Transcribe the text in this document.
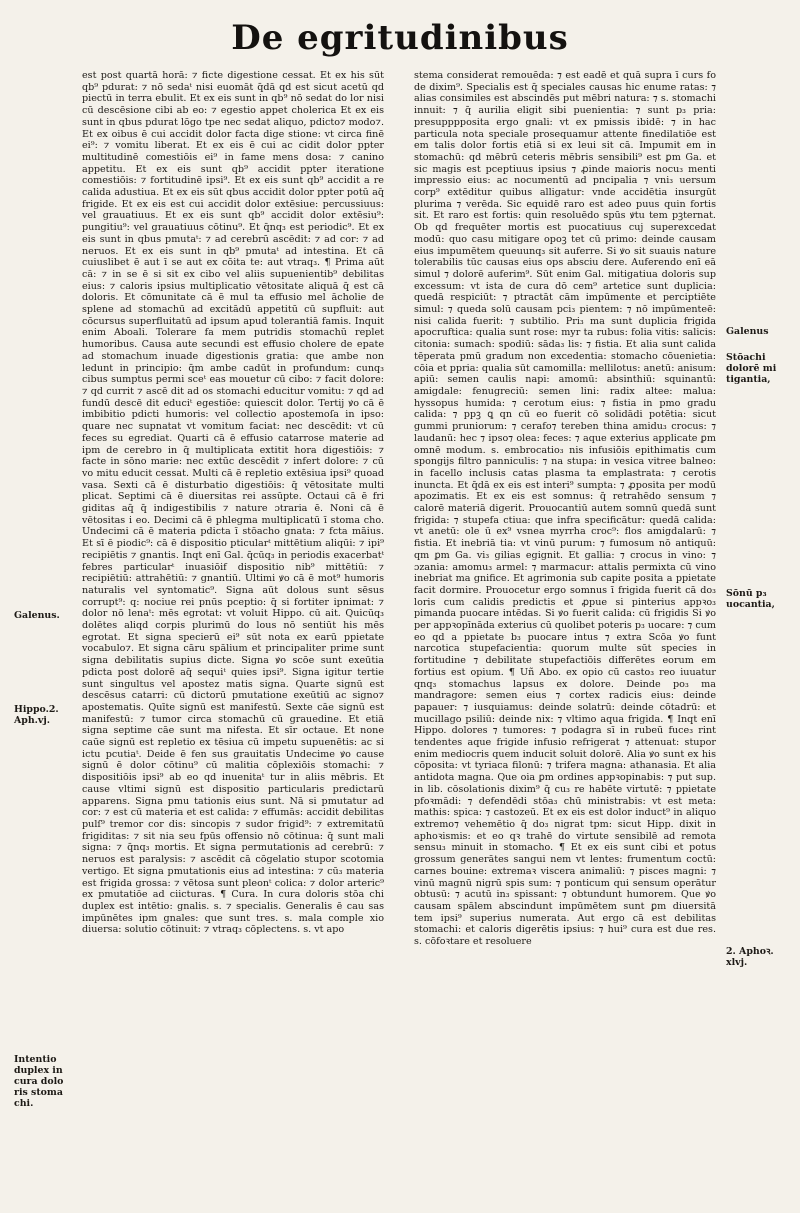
De egritudinibus

est post quartā horā: ⁊ ficte digestione cessat. Et ex his sūt qb⁹ pdurat: ⁊ nō sedaᵗ nisi euomāt q̄dā qd est sicut acetū qd piectū in terra ebulit. Et ex eis sunt in qb⁹ nō sedat do lor nisi cū descēsione cibi ab eo: ⁊ egestio appet cholerica Et ex eis sunt in qbus pdurat lōgo tpe nec sedat aliquo, pdicto⁊ modo⁊. Et ex oibus ē cui accidit dolor facta dige stione: vt circa finē ei⁹: ⁊ vomitu liberat. Et ex eis ē cui ac cidit dolor ppter multitudinē comestiōis ei⁹ in fame mens dosa: ⁊ canino appetitu. Et ex eis sunt qb⁹ accidit ppter iteratione comestiōis: ⁊ fortitudinē ipsi⁹. Et ex eis sunt qb⁹ accidit a re calida adustiua. Et ex eis sūt qbus accidit dolor ppter potū aq̄ frigide. Et ex eis est cui accidit dolor extēsiue: percussiuus: vel grauatiuus. Et ex eis sunt qb⁹ accidit dolor extēsiu⁹: pungitiu⁹: vel grauatiuus cōtinu⁹. Et q̄nq₃ est periodic⁹. Et ex eis sunt in qbus pmutaᵗ: ⁊ ad cerebrū ascēdit: ⁊ ad cor: ⁊ ad neruos. Et ex eis sunt in qb⁹ pmutaᵗ ad intestina. Et cā cuiuslibet ē aut ī se aut ex cōita te: aut vtraq₃. ¶ Prima aūt cā: ⁊ in se ē si sit ex cibo vel aliis supuenientib⁹ debilitas eius: ⁊ caloris ipsius multiplicatio vētositate aliquā q̄ est cā doloris. Et cōmunitate cā ē mul ta effusio mel ācholie de splene ad stomachū ad excitādū appetitū cū supfluit: aut cōcursus superfluitatū ad ipsum apud tolerantiā famis. Inquit enim Aboali. Tolerare fa mem putridis stomachū replet humoribus. Causa aute secundi est effusio cholere de epate ad stomachum inuade digestionis gratia: que ambe non ledunt in principio: q̄m ambe cadūt in profundum: cunq₃ cibus sumptus permi sceᵗ eas mouetur cū cibo: ⁊ facit dolore: ⁊ qd currit ⁊ ascē dit ad os stomachi educitur vomitu: ⁊ qd ad fundū descē dit educiᵗ egestiōe: quiescit dolor. Tertij ꝟo cā ē imbibitio pdicti humoris: vel collectio apostemoſa in ipso: quare nec supnatat vt vomitum faciat: nec descēdit: vt cū feces su egrediat. Quarti cā ē effusio catarrose materie ad ipm de cerebro in q̄ multiplicata extitit hora digestiōis: ⁊ facte in sōno marie: nec extūc descēdit ⁊ infert dolore: ⁊ cū vo mitu educit cessat. Multi cā ē repletio extēsiua ipsi⁹ quoad vasa. Sexti cā ē disturbatio digestiōis: q̄ vētositate multi plicat. Septimi cā ē diuersitas rei assūpte. Octaui cā ē fri giditas aq̄ q̄ indigestibilis ⁊ nature ɔtraria ē. Noni cā ē vētositas i eo. Decimi cā ē phlegma multiplicatū ī stoma cho. Undecimi cā ē materia pdicta ī stōacho gnata: ⁊ fcta māius. Et sī ē piodic⁹: cā ē dispositio pticularᵗ mittētium aliqūi: ⁊ ipi⁹ recipiētis ⁊ gnantis. Inqt enī Gal. q̄cūq₃ in periodis exacerbatᵗ febres particularᵗ inuasiōif dispositio nib⁹ mittētiū: ⁊ recipiētiū: attrahētiū: ⁊ gnantiū. Ultimi ꝟo cā ē mot⁹ humoris naturalis vel syntomatic⁹. Signa aūt dolous sunt sēsus corrupt⁹: q: nociue rei pnūs pceptio: q̄ si fortiter ipnimat: ⁊ dolor nō lenaᵗ: mēs egrotat: vt voluit Hippo. cū ait. Quicūq₃ dolētes aliqd corpis plurimū do lous nō sentiūt his mēs egrotat. Et signa specierū ei⁹ sūt nota ex earū ppietate vocabulo⁊. Et signa cāru spālium et principaliter prime sunt signa debilitatis supius dicte. Signa ꝟo scōe sunt exeūtia pdicta post dolorē aq̄ sequiᵗ quies ipsi⁹. Signa igitur tertie sunt singultus vel apostez matis signa. Quarte signū est descēsus catarri: cū dictorū pmutatione exeūtiū ac signo⁊ apostematis. Quīte signū est manifestū. Sexte cāe signū est manifestū: ⁊ tumor circa stomachū cū grauedine. Et etiā signa septime cāe sunt ma nifesta. Et sīr octaue. Et none caūe signū est repletio ex tēsiua cū impetu supuenētis: ac si ictu pcutiaᵗ. Deide ē fen sus grauitatis Undecime ꝟo cause signū ē dolor cōtinu⁹ cū malitia cōplexiōis stomachi: ⁊ dispositiōis ipsi⁹ ab eo qd inuenitaᵗ tur in aliis mēbris. Et cause vltimi signū est dispositio particularis predictarū apparens. Signa pmu tationis eius sunt. Nā si pmutatur ad cor: ⁊ est cū materia et est calida: ⁊ effumās: accidit debilitas pulſ⁹ tremor cor dis: sincopis ⁊ sudor frigid⁹: ⁊ extremitatū frigiditas: ⁊ sit nia seu fpūs offensio nō cōtinua: q̄ sunt mali signa: ⁊ q̄nq₃ mortis. Et signa permutationis ad cerebrū: ⁊ neruos est paralysis: ⁊ ascēdit cā cōgelatio stupor scotomia vertigo. Et signa pmutationis eius ad intestina: ⁊ cū₃ materia est frigida grossa: ⁊ vētosa sunt pleonᵗ colica: ⁊ dolor arteric⁹ ex pmutatiōe ad ciicturas. ¶ Cura. In cura doloris stōa chi duplex est intētio: gnalis. s. ⁊ specialis. Generalis ē cau sas impūnētes ipm gnales: que sunt tres. s. mala comple xio diuersa: solutio cōtinuit: ⁊ vtraq₃ cōplectens. s. vt apo

stema considerat remouēda: ⁊ est eadē et quā supra ī curs fo de dixim⁹. Specialis est q̄ speciales causas hic enume ratas: ⁊ alias consimiles est abscindēs put mēbri natura: ⁊ s. stomachi innuit: ⁊ q̄ aurilia eligit sibi puenientia: ⁊ sunt p₃ pria: presupppposita ergo gnali: vt ex pmissis ibidē: ⁊ in hac particula nota speciale prosequamur attente finedilatiōe est em talis dolor fortis etiā si ex leui sit cā. Impumit em in stomachū: qd mēbrū ceteris mēbris sensibili⁹ est ꝑm Ga. et sic magis est pceptiuus ipsius ⁊ ꝓinde maioris nocu₃ menti impressio eius: ac nocumentū ad pncipalia ⁊ vni₃ uersum corp⁹ extēditur quibus alligatur: vnde accidētia insurgūt plurima ⁊ verēda. Sic equidē raro est adeo puus quin fortis sit. Et raro est fortis: quin resoluēdo spūs ꝟtu tem pꝫternat. Ob qd frequēter mortis est puocatiuus cuj superexcedat modū: quo casu mitigare opoꝫ tet cū primo: deinde causam eius impumētem queuunq₃ sit auferre. Si ꝟo sit suauis nature tolerabilis tūc causas eius ops absciu dere. Auferendo enī eā simul ⁊ dolorē auferim⁹. Sūt enim Gal. mitigatiua doloris sup excessum: vt ista de cura dō cem⁹ artetice sunt duplicia: quedā respiciūt: ⁊ ptractāt cām impūmente et perciptiēte simul: ⁊ queda solū causam pci₃ pientem: ⁊ nō impūmenteē: nisi calida fuerit: ⁊ subtilio. Pri₃ ma sunt duplicia frigida apocruftica: qualia sunt rose: myr ta rubus: folia vitis: salicis: citonia: sumach: spodiū: sāda₃ lis: ⁊ fistia. Et alia sunt calida tēperata pmū gradum non excedentia: stomacho cōuenietia: cōia et ppria: qualia sūt camomilla: mellilotus: anetū: anisum: apiū: semen caulis napi: amomū: absinthiū: squinantū: amigdale: fenugreciū: semen lini: radix altee: malua: hyssopus humida: ⁊ cerotum eius: ⁊ fistia in pmo gradu calida: ⁊ ppꝫ ꝗ qn cū eo fuerit cō solidādi potētia: sicut gummi pruniorum: ⁊ cerafo⁊ tereben thina amidu₃ crocus: ⁊ laudanū: hec ⁊ ipso⁊ olea: feces: ⁊ aque exterius applicate ꝑm omnē modum. s. embrocatio₃ nis infusiōis epithimatis cum spongijs filtro panniculis: ⁊ na stupa: in vesica vitree balneo: in facello inclusis catas plasma ta emplastrata: ⁊ cerotis inuncta. Et q̄dā ex eis est interi⁹ sumpta: ⁊ ꝓposita per modū apozimatis. Et ex eis est somnus: q̄ retrahēdo sensum ⁊ calorē materiā digerit. Prouocantiū autem somnū quedā sunt frigida: ⁊ stupefa ctiua: que infra specificātur: quedā calida: vt anetū: ole ū ex⁹ vsnea myrrha croc⁹: flos amigdalarū: ⁊ fistia. Et inebriā tia: vt vinū purum: ⁊ fumosum nō antiquū: qm ꝑm Ga. vi₃ gilias egignit. Et gallia: ⁊ crocus in vino: ⁊ ɔzania: amomu₃ armel: ⁊ marmacur: attalis permixta cū vino inebriat ma gnifice. Et agrimonia sub capite posita a ppietate facit dormire. Prouocetur ergo somnus ī frigida fuerit cā do₃ loris cum calidis predictis et ꝓpue si pinterius appꝛo₃ pimanda puocare intēdas. Si ꝟo fuerit calida: cū frigidis Si ꝟo per appꝛopīnāda exterius cū quolibet poteris p₃ uocare: ⁊ cum eo qd a ppietate b₃ puocare intus ⁊ extra Scōa ꝟo funt narcotica stupefacientia: quorum multe sūt species in fortitudine ⁊ debilitate stupefactiōis differētes eorum em fortius est opium. ¶ Uñ Abo. ex opio cū casto₃ reo iuuatur qnq₃ stomachus lapsus ex dolore. Deinde po₃ ma mandragore: semen eius ⁊ cortex radicis eius: deinde papauer: ⁊ iusquiamus: deinde solatrū: deinde cōtadrū: et mucillago psiliū: deinde nix: ⁊ vltimo aqua frigida. ¶ Inqt enī Hippo. dolores ⁊ tumores: ⁊ podagra sī in rubeū fuce₃ rint tendentes aque frigide infusio refrigerat ⁊ attenuat: stupor enim mediocris quem inducit soluit dolorē. Alia ꝟo sunt ex his cōposita: vt tyriaca filonū: ⁊ trifera magna: athanasia. Et alia antidota magna. Que oia ꝑm ordines appꝛopinabis: ⁊ put sup. in lib. cōsolationis dixim⁹ q̄ cu₃ re habēte virtutē: ⁊ ppietate pfoꝛmādi: ⁊ defendēdi stōa₃ chū ministrabis: vt est meta: mathis: spica: ⁊ castozeū. Et ex eis est dolor induct⁹ in aliquo extremo⁊ vehemētio q̄ do₃ nigrat tpm: sicut Hipp. dixit in aphoꝛismis: et eo qꝛ trahē do virtute sensibilē ad remota sensu₃ minuit in stomacho. ¶ Et ex eis sunt cibi et potus grossum generātes sangui nem vt lentes: frumentum coctū: carnes bouine: extremaꝛ viscera animaliū: ⁊ pisces magni: ⁊ vinū magnū nigrū spis sum: ⁊ ponticum qui sensum operātur obtusū: ⁊ acutū in₃ spissant: ⁊ obtundunt humorem. Que ꝟo causam spālem abscindunt impūmētem sunt ꝑm diuersitā tem ipsi⁹ superius numerata. Aut ergo cā est debilitas stomachi: et caloris digerētis ipsius: ⁊ hui⁹ cura est due res. s. cōfoꝛtare et resoluere

Galenus.
Hippo.2.
Aph.vj.
Intentio
duplex in
cura dolo
ris stoma
chi.
Galenus
Stōachi
dolorē mi
tigantia,
Sōnū p₃
uocantia,
2. Aphoꝛ.
xlvj.
